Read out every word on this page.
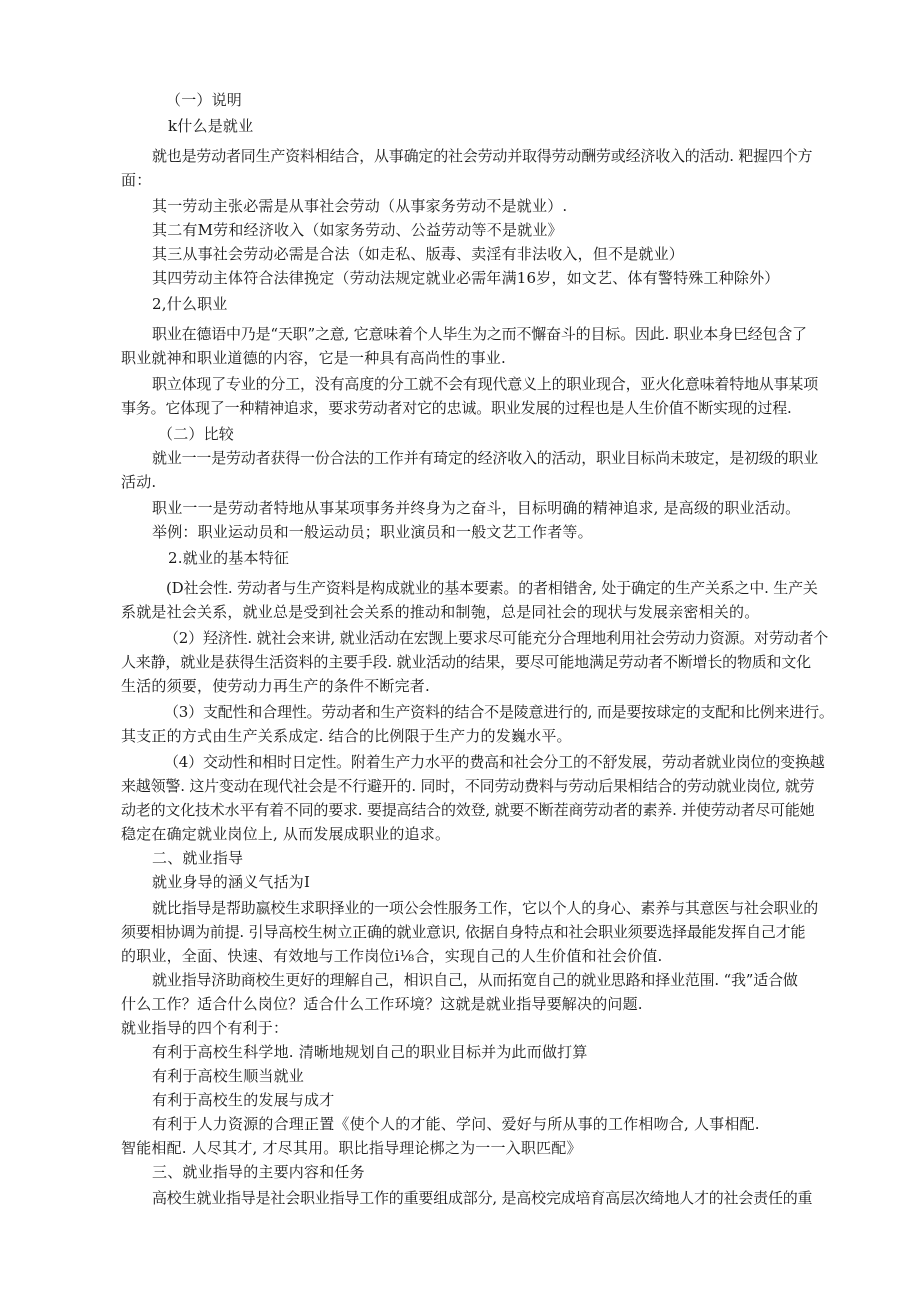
（一）说明

k什么是就业

就也是劳动者同生产资料相结合，从事确定的社会劳动并取得劳动酬劳或经济收入的活动. 粑握四个方

面：

其一劳动主张必需是从事社会劳动（从事家务劳动不是就业）.

其二有M劳和经济收入（如家务劳动、公益劳动等不是就业》

其三从事社会劳动必需是合法（如走私、版毒、卖淫有非法收入，但不是就业）

其四劳动主体符合法律挽定（劳动法规定就业必需年满16岁，如文艺、体有警特殊工种除外）

2,什么职业

职业在德语中乃是“天职”之意, 它意味着个人毕生为之而不懈奋斗的目标。因此. 职业本身巳经包含了

职业就神和职业道德的内容，它是一种具有高尚性的事业.

职立体现了专业的分工，没有高度的分工就不会有现代意义上的职业现合，亚火化意味着特地从事某项

事务。它体现了一种精神追求，要求劳动者对它的忠诚。职业发展的过程也是人生价值不断实现的过程.

（二）比较

就业一一是劳动者获得一份合法的工作并有琦定的经济收入的活动，职业目标尚未玻定，是初级的职业

活动.

职业一一是劳动者特地从事某项事务并终身为之奋斗，目标明确的精神追求, 是高级的职业活动。

举例：职业运动员和一般运动员；职业演员和一般文艺工作者等。

2.就业的基本特征

(D社会性. 劳动者与生产资料是构成就业的基本要素。的者相错舍, 处于确定的生产关系之中. 生产关

系就是社会关系，就业总是受到社会关系的推动和制匏，总是同社会的现状与发展亲密相关的。

（2）羟济性. 就社会来讲, 就业活动在宏觊上要求尽可能充分合理地利用社会劳动力资源。对劳动者个

人来静，就业是获得生活资料的主要手段. 就业活动的结果，要尽可能地满足劳动者不断增长的物质和文化

生活的须要，使劳动力再生产的条件不断完者.

（3）支配性和合理性。劳动者和生产资料的结合不是陵意进行的, 而是要按球定的支配和比例来进行。

其支正的方式由生产关系成定. 结合的比例限于生产力的发巍水平。

（4）交动性和相时日定性。附着生产力水平的费高和社会分工的不舒发展，劳动者就业岗位的变换越

来越领警. 这片变动在现代社会是不行避开的. 同时，不同劳动费料与劳动后果相结合的劳动就业岗位, 就劳

动老的文化技术水平有着不同的要求. 要提高结合的效登, 就要不断茬商劳动者的素养. 并使劳动者尽可能她

稳定在确定就业岗位上, 从而发展成职业的追求。

二、就业指导

就业身导的涵义气括为I

就比指导是帮助嬴校生求职择业的一项公会性服务工作，它以个人的身心、素养与其意医与社会职业的

须要相协调为前提. 引导高校生树立正确的就业意识, 依据自身特点和社会职业须要选择最能发挥自己才能

的职业，全面、快速、有效地与工作岗位i⅛合，实现自己的人生价值和社会价值.

就业指导济助商校生更好的理解自己，相识自己，从而拓宽自己的就业思路和择业范围. “我”适合做

什么工作？适合什么岗位？适合什么工作环境？这就是就业指导要解决的问题.

就业指导的四个有利于：

有利于高校生科学地. 清晰地规划自己的职业目标并为此而做打算

有利于高校生顺当就业

有利于高校生的发展与成才

有利于人力资源的合理正置《使个人的才能、学问、爱好与所从事的工作相吻合, 人事相配.

智能相配. 人尽其才, 才尽其用。职比指导理论梆之为一一入职匹配》

三、就业指导的主要内容和任务

高校生就业指导是社会职业指导工作的重要组成部分, 是高校完成培育高层次绮地人才的社会责任的重
